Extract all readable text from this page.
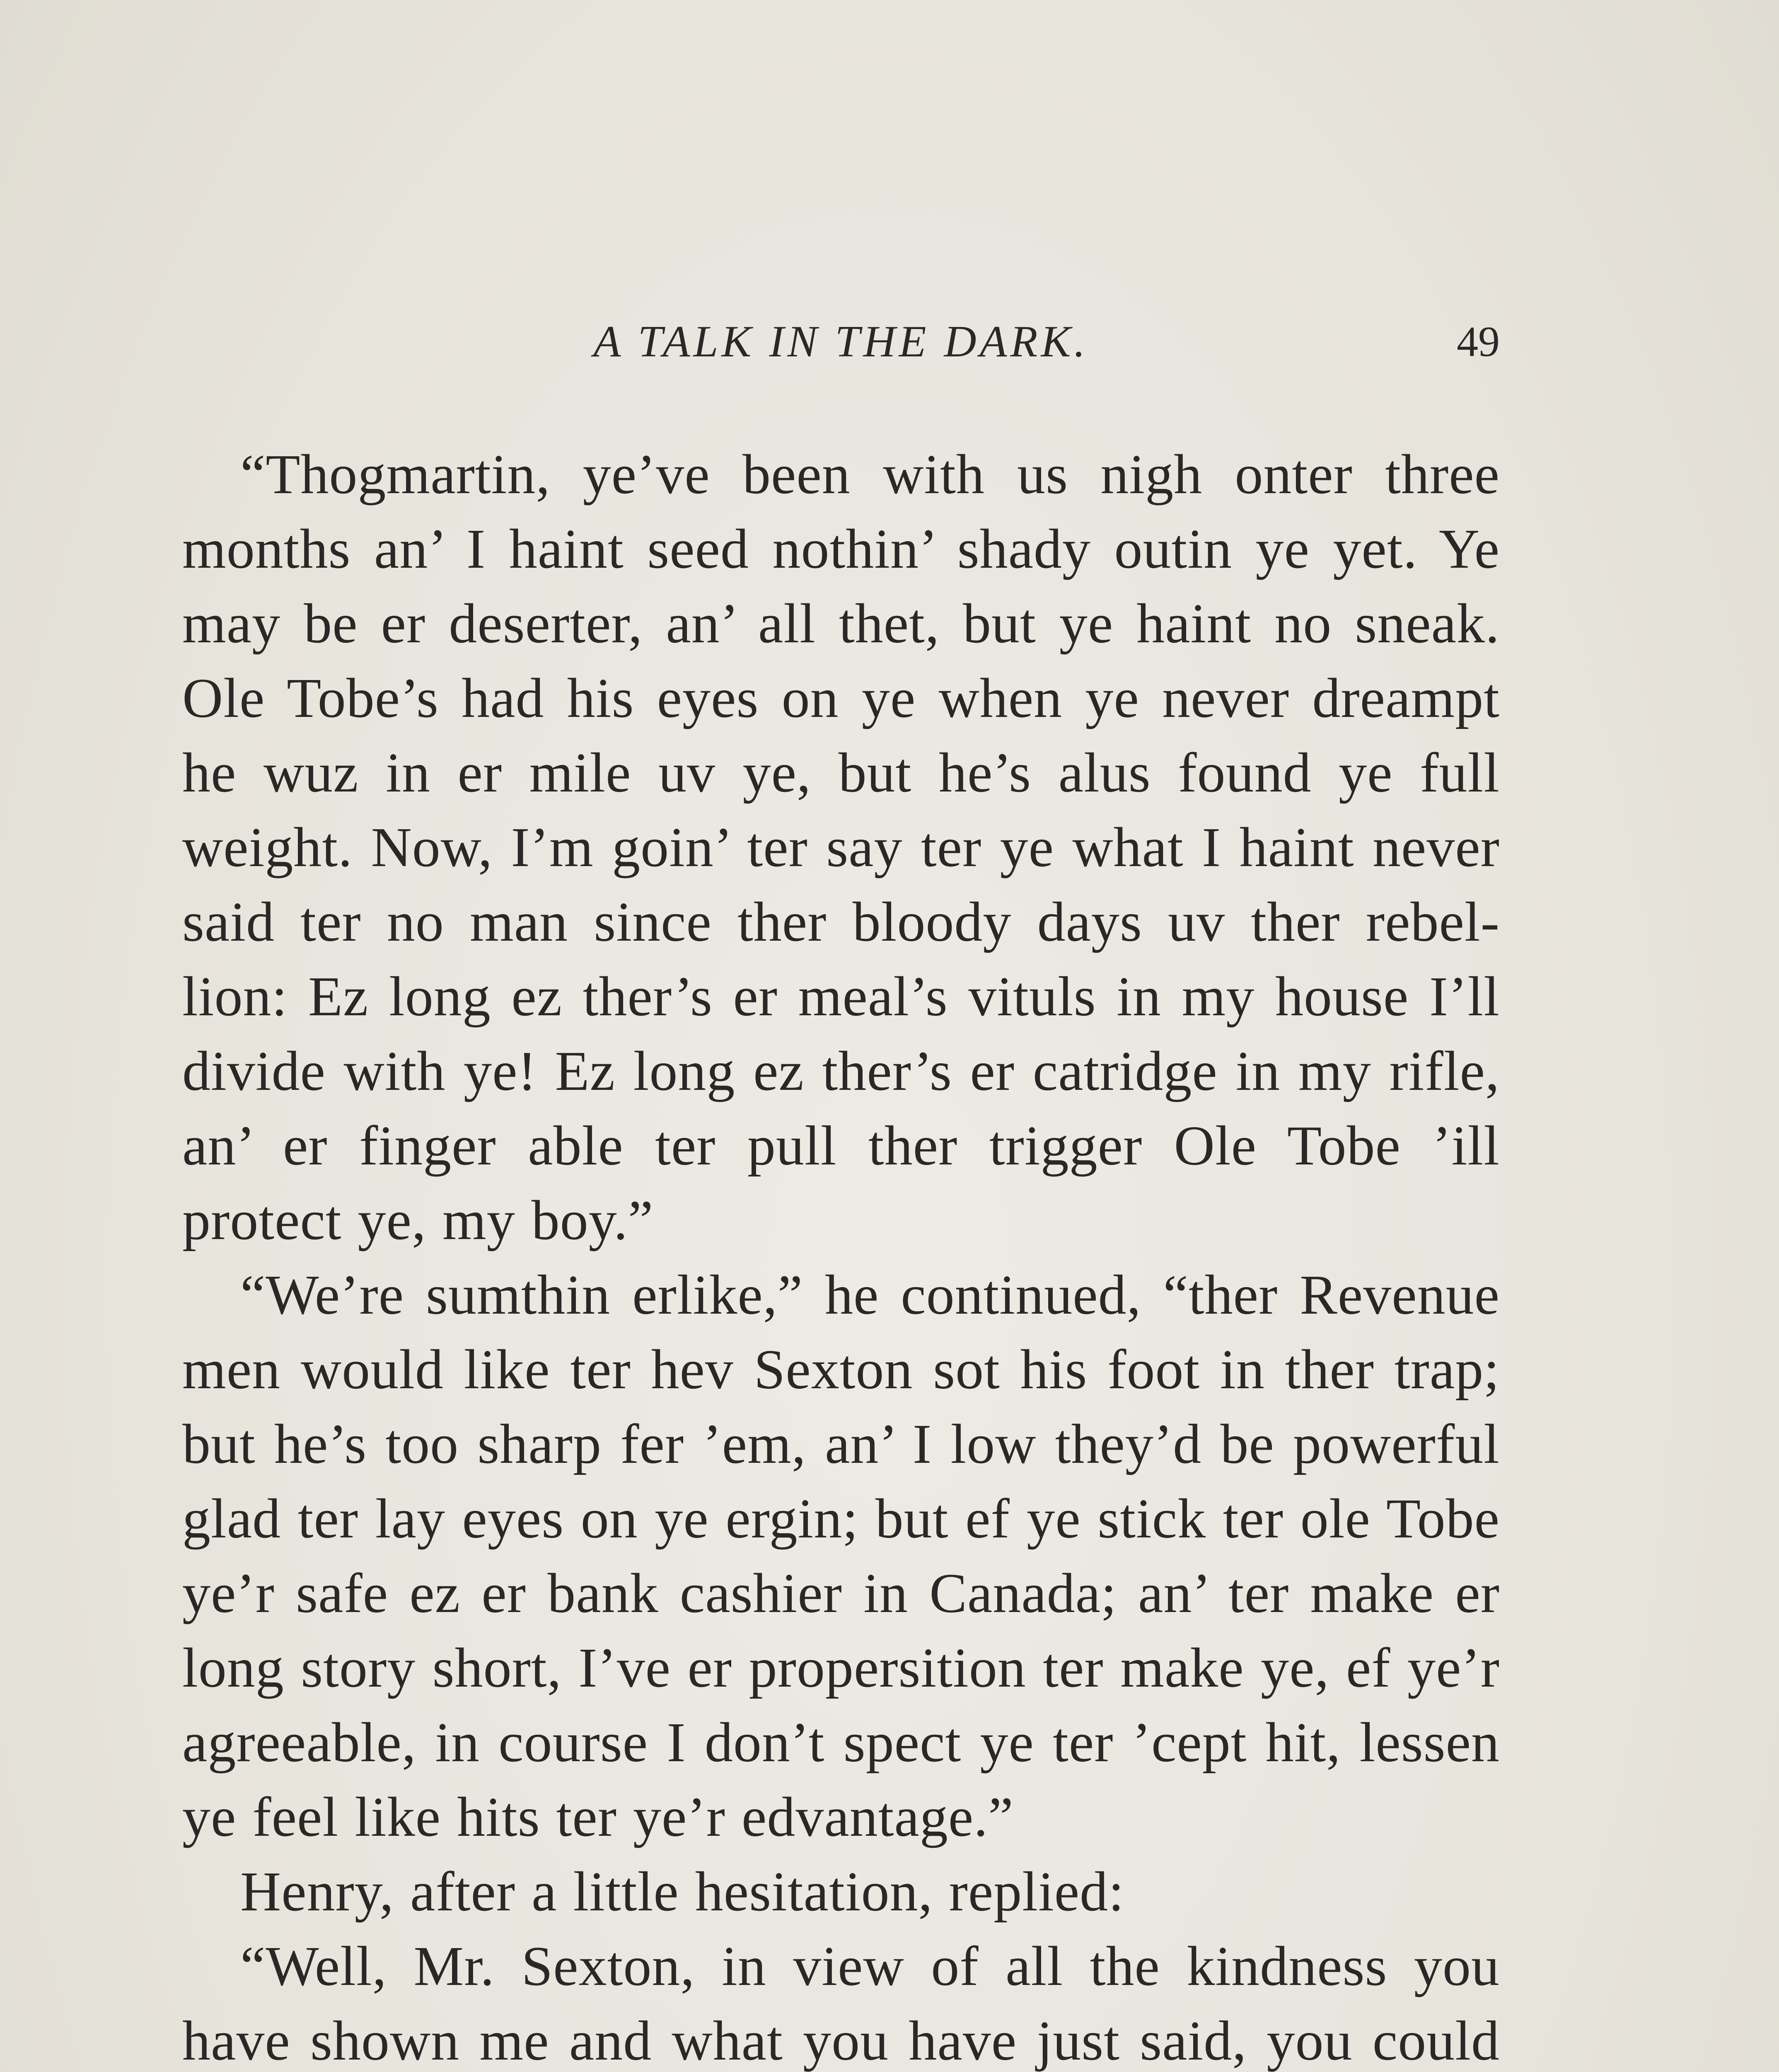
A TALK IN THE DARK.	49

“Thogmartin, ye’ve been with us nigh onter three months an’ I haint seed nothin’ shady outin ye yet. Ye may be er deserter, an’ all thet, but ye haint no sneak. Ole Tobe’s had his eyes on ye when ye never dreampt he wuz in er mile uv ye, but he’s alus found ye full weight. Now, I’m goin’ ter say ter ye what I haint never said ter no man since ther bloody days uv ther rebel-lion: Ez long ez ther’s er meal’s vituls in my house I’ll divide with ye! Ez long ez ther’s er catridge in my rifle, an’ er finger able ter pull ther trigger Ole Tobe ’ill protect ye, my boy.”

“We’re sumthin erlike,” he continued, “ther Revenue men would like ter hev Sexton sot his foot in ther trap; but he’s too sharp fer ’em, an’ I low they’d be powerful glad ter lay eyes on ye ergin; but ef ye stick ter ole Tobe ye’r safe ez er bank cashier in Canada; an’ ter make er long story short, I’ve er propersition ter make ye, ef ye’r agreeable, in course I don’t spect ye ter ’cept hit, lessen ye feel like hits ter ye’r edvantage.”

Henry, after a little hesitation, replied:

“Well, Mr. Sexton, in view of all the kindness you have shown me and what you have just said, you could
